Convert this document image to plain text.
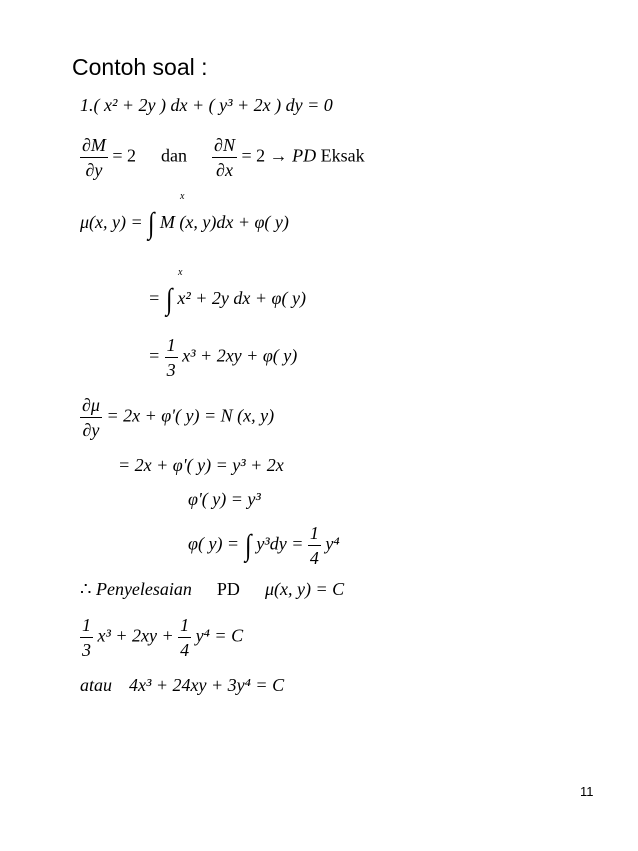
Contoh soal :
1.( x² + 2y ) dx + ( y³ + 2x ) dy = 0
$\frac{\partial M}{\partial y} = 2$ dan $\frac{\partial N}{\partial x} = 2$ → PD Eksak
μ(x, y) = ∫
x
M (x, y)dx + φ( y)
= ∫
x
x² + 2y dx + φ( y)
= $\frac{1}{3} x^3 + 2xy + \varphi$( y)
$\frac{\partial\mu}{\partial y} = 2x + \varphi'$( y) = N (x, y)
= 2x + φ'( y) = y³ + 2x
φ'( y) = y³
φ( y) = ∫ $y^3dy = \frac{1}{4} y^4$
∴ Penyelesaian PD μ(x, y) = C
$\frac{1}{3} x^3 + 2xy + \frac{1}{4} y^4 = C$
atau 4x³ + 24xy + 3y⁴ = C
11
